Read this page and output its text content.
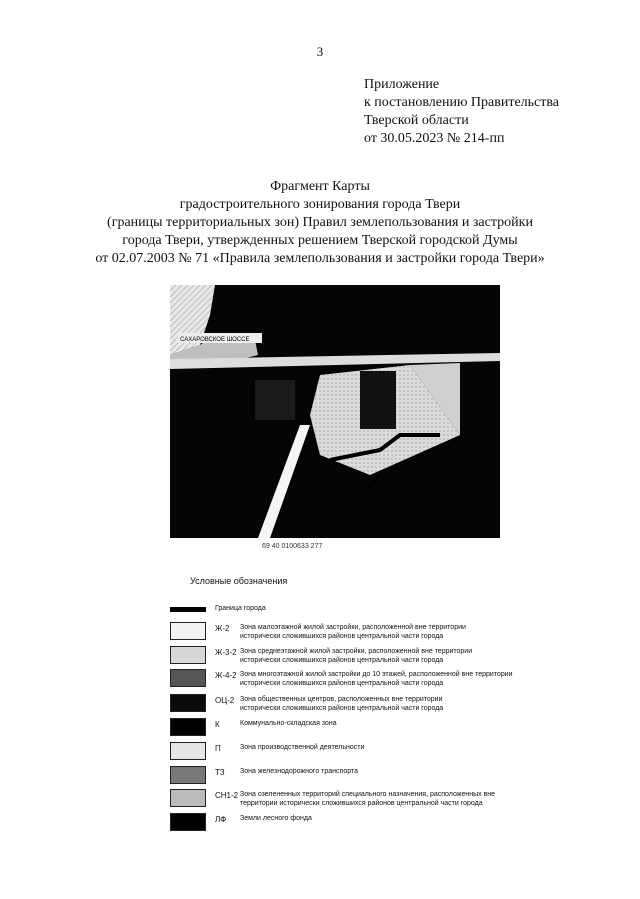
3
Приложение
к постановлению Правительства
Тверской области
от 30.05.2023 № 214-пп
Фрагмент Карты
градостроительного зонирования города Твери
(границы территориальных зон) Правил землепользования и застройки
города Твери, утвержденных решением Тверской городской Думы
от 02.07.2003 № 71 «Правила землепользования и застройки города Твери»
САХАРОВСКОЕ ШОССЕ
69 40 0100633 277
Условные обозначения
Граница города
Ж-2 Зона малоэтажной жилой застройки, расположенной вне территории
исторически сложившихся районов центральной части города
Ж-3-2 Зона среднеэтажной жилой застройки, расположенной вне территории
исторически сложившихся районов центральной части города
Ж-4-2 Зона многоэтажной жилой застройки до 10 этажей, расположенной вне территории
исторически сложившихся районов центральной части города
ОЦ-2 Зона общественных центров, расположенных вне территории
исторически сложившихся районов центральной части города
К	Коммунально-складская зона
П	Зона производственной деятельности
ТЗ Зона железнодорожного транспорта
СН1-2 Зона озелененных территорий специального назначения, расположенных вне
территории исторически сложившихся районов центральной части города
ЛФ Земли лесного фонда
